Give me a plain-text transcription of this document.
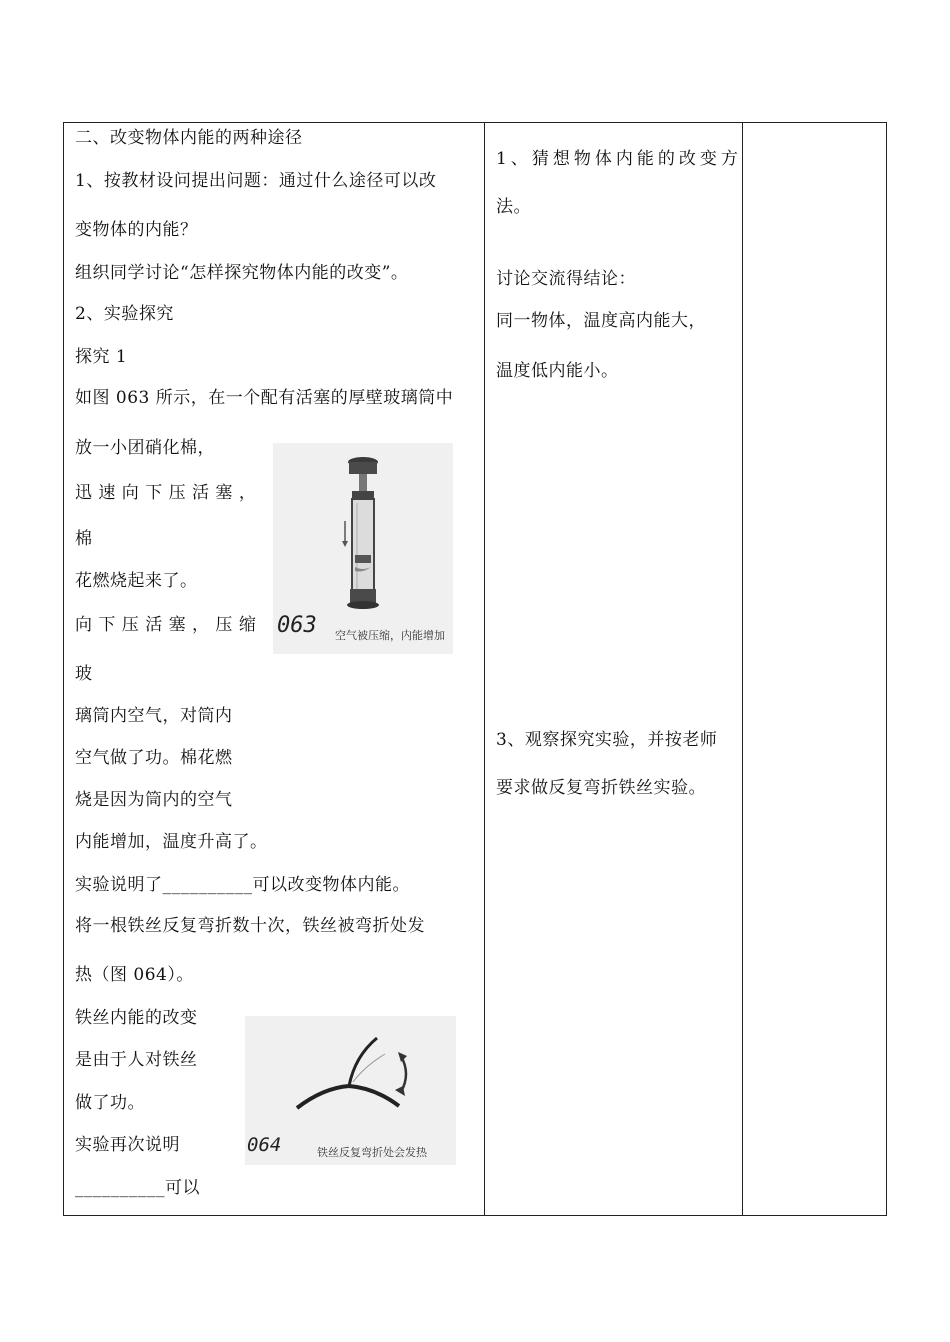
二、改变物体内能的两种途径
1、按教材设问提出问题：通过什么途径可以改
变物体的内能？
组织同学讨论“怎样探究物体内能的改变”。
2、实验探究
探究 1
如图 063 所示，在一个配有活塞的厚壁玻璃筒中
放一小团硝化棉，
迅 速 向 下 压 活 塞 ，
棉
花燃烧起来了。
向 下 压 活 塞 ， 压 缩
玻
璃筒内空气，对筒内
空气做了功。棉花燃
烧是因为筒内的空气
内能增加，温度升高了。
实验说明了__________可以改变物体内能。
将一根铁丝反复弯折数十次，铁丝被弯折处发
热（图 064）。
铁丝内能的改变
是由于人对铁丝
做了功。
实验再次说明
__________可以
063 空气被压缩，内能增加
064	铁丝反复弯折处会发热
1、猜想物体内能的改变方
法。
讨论交流得结论：
同一物体，温度高内能大，
温度低内能小。
3、观察探究实验，并按老师
要求做反复弯折铁丝实验。
